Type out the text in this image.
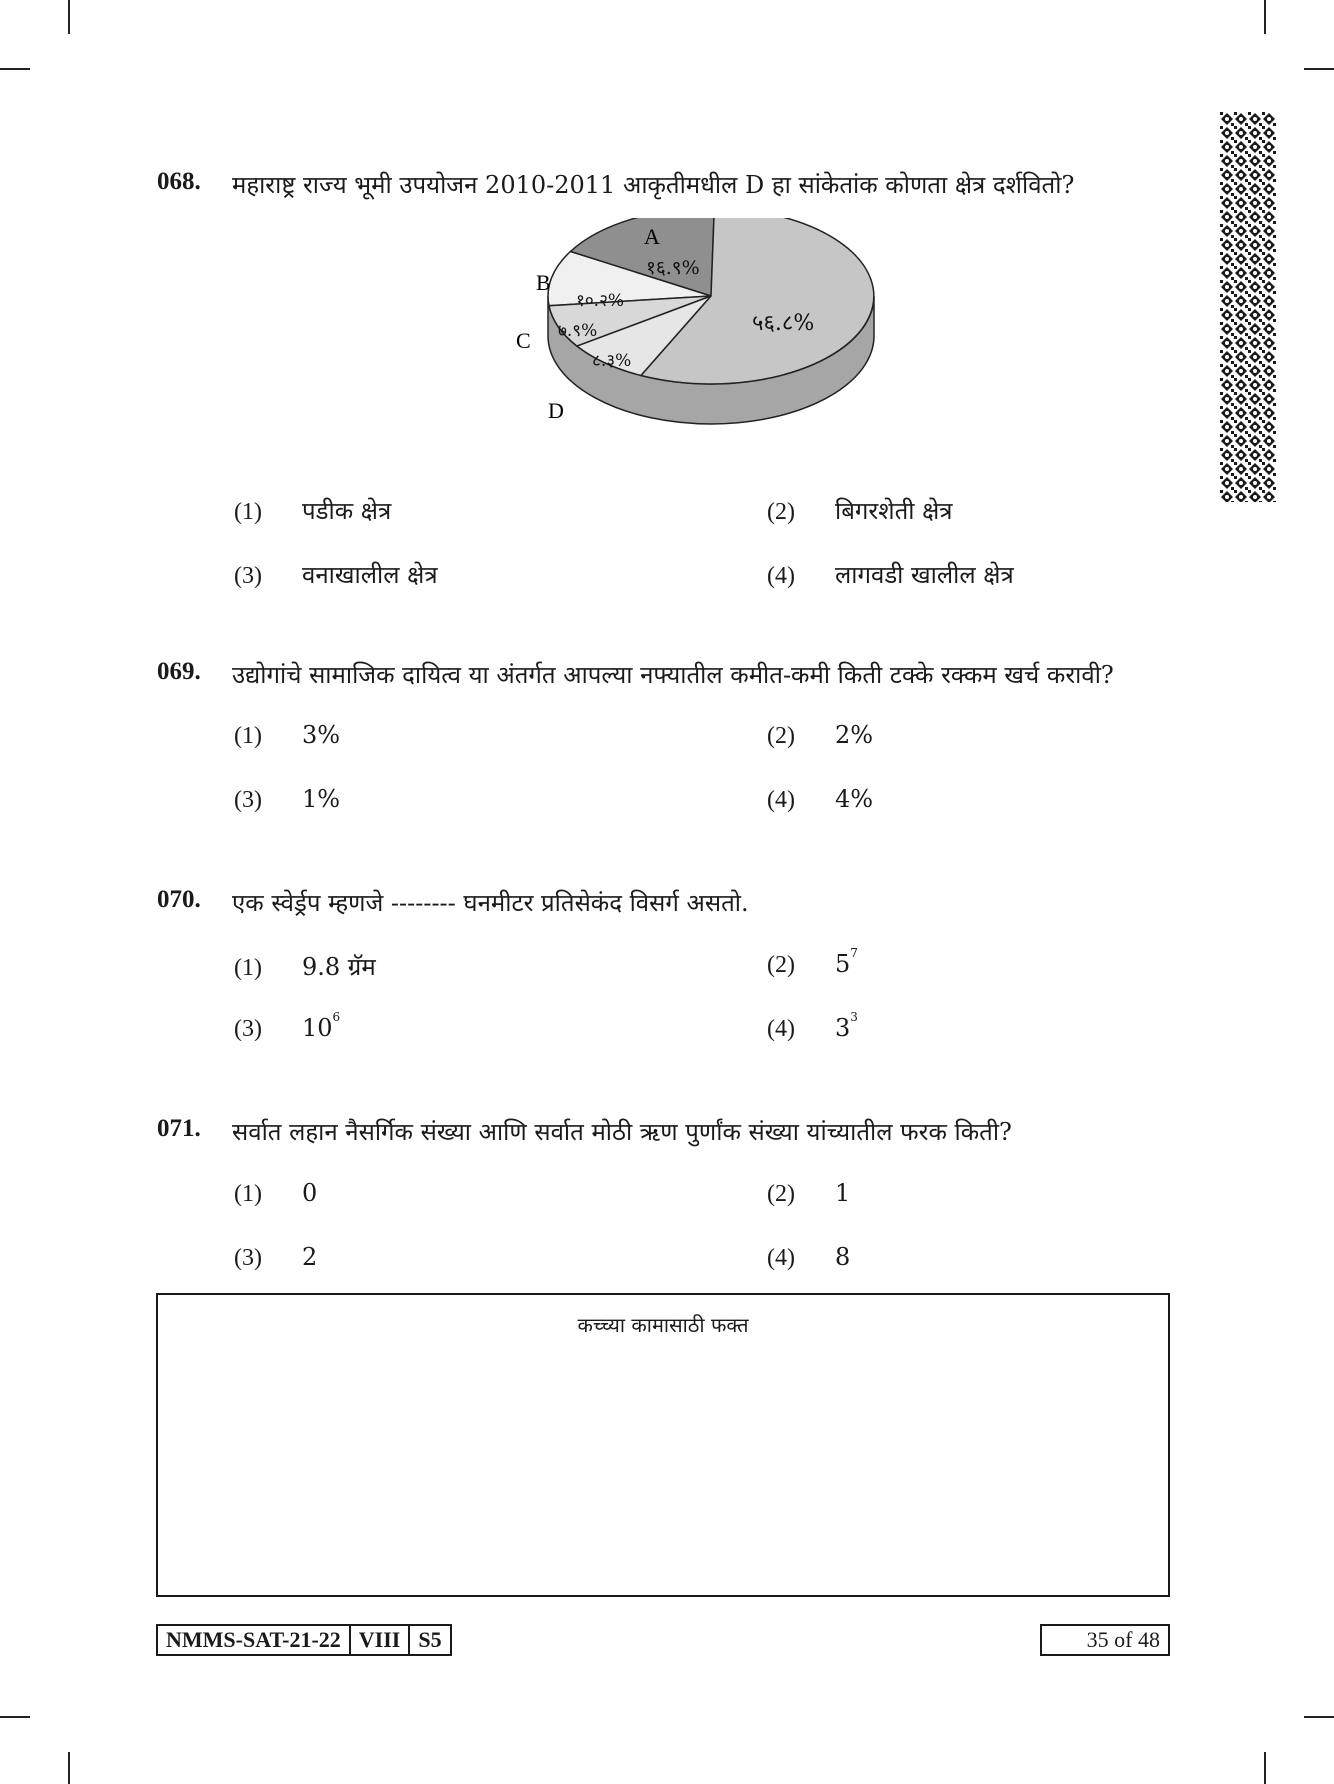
068. महाराष्ट्र राज्य भूमी उपयोजन 2010-2011 आकृतीमधील D हा सांकेतांक कोणता क्षेत्र दर्शवितो?
१६.९%
१०.२%
७.९%
८.३%
५६.८%
A
B
C
D
(1) पडीक क्षेत्र	(2) बिगरशेती क्षेत्र
(3) वनाखालील क्षेत्र	(4) लागवडी खालील क्षेत्र
069. उद्योगांचे सामाजिक दायित्व या अंतर्गत आपल्या नफ्यातील कमीत-कमी किती टक्के रक्कम खर्च करावी?
(1) 3%	(2) 2%
(3) 1%	(4) 4%
070. एक स्वेर्ड्रप म्हणजे -------- घनमीटर प्रतिसेकंद विसर्ग असतो.
(1) 9.8 ग्रॅम	(2) $5^7$
(3) $10^6$	(4) $3^3$
071. सर्वात लहान नैसर्गिक संख्या आणि सर्वात मोठी ऋण पुर्णांक संख्या यांच्यातील फरक किती?
(1) 0	(2) 1
(3) 2	(4) 8
कच्च्या कामासाठी फक्त
NMMS-SAT-21-22 VIII S5	35 of 48
